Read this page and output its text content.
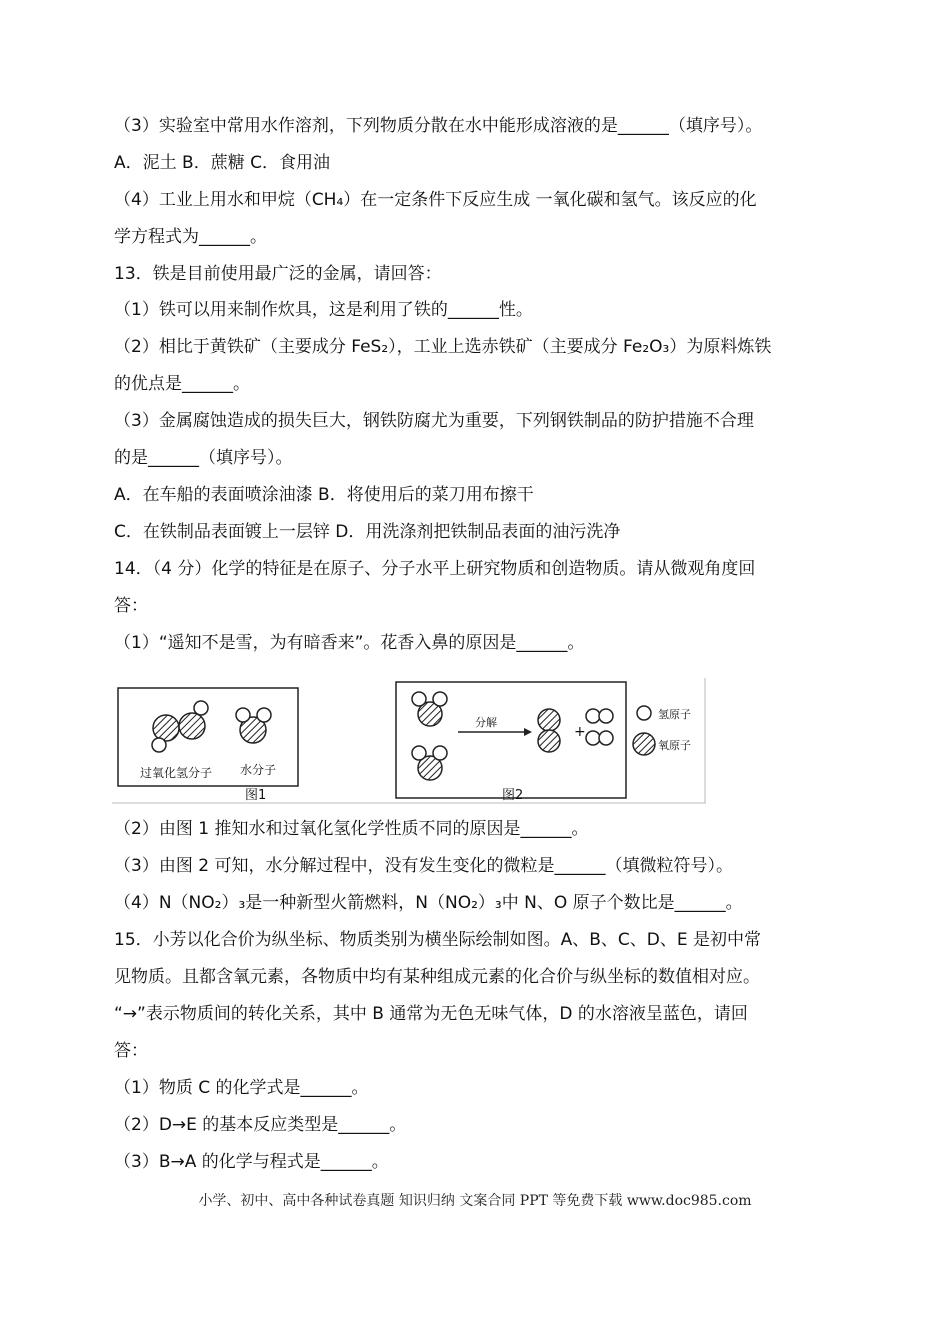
（3）实验室中常用水作溶剂，下列物质分散在水中能形成溶液的是______（填序号）。
A．泥土 B．蔗糖 C．食用油
（4）工业上用水和甲烷（CH₄）在一定条件下反应生成 一氧化碳和氢气。该反应的化
学方程式为______。
13．铁是目前使用最广泛的金属，请回答：
（1）铁可以用来制作炊具，这是利用了铁的______性。
（2）相比于黄铁矿（主要成分 FeS₂），工业上选赤铁矿（主要成分 Fe₂O₃）为原料炼铁
的优点是______。
（3）金属腐蚀造成的损失巨大，钢铁防腐尤为重要，下列钢铁制品的防护措施不合理
的是______（填序号）。
A．在车船的表面喷涂油漆 B．将使用后的菜刀用布擦干
C．在铁制品表面镀上一层锌 D．用洗涤剂把铁制品表面的油污洗净
14．（4 分）化学的特征是在原子、分子水平上研究物质和创造物质。请从微观角度回
答：
（1）“遥知不是雪，为有暗香来”。花香入鼻的原因是______。
过氧化氢分子 水分子
图1
分解
+
氢原子
氧原子
图2
（2）由图 1 推知水和过氧化氢化学性质不同的原因是______。
（3）由图 2 可知，水分解过程中，没有发生变化的微粒是______（填微粒符号）。
（4）N（NO₂）₃是一种新型火箭燃料，N（NO₂）₃中 N、O 原子个数比是______。
15．小芳以化合价为纵坐标、物质类别为横坐际绘制如图。A、B、C、D、E 是初中常
见物质。且都含氧元素，各物质中均有某种组成元素的化合价与纵坐标的数值相对应。
“→”表示物质间的转化关系，其中 B 通常为无色无味气体，D 的水溶液呈蓝色，请回
答：
（1）物质 C 的化学式是______。
（2）D→E 的基本反应类型是______。
（3）B→A 的化学与程式是______。
小学、初中、高中各种试卷真题 知识归纳 文案合同 PPT 等免费下载 www.doc985.com
